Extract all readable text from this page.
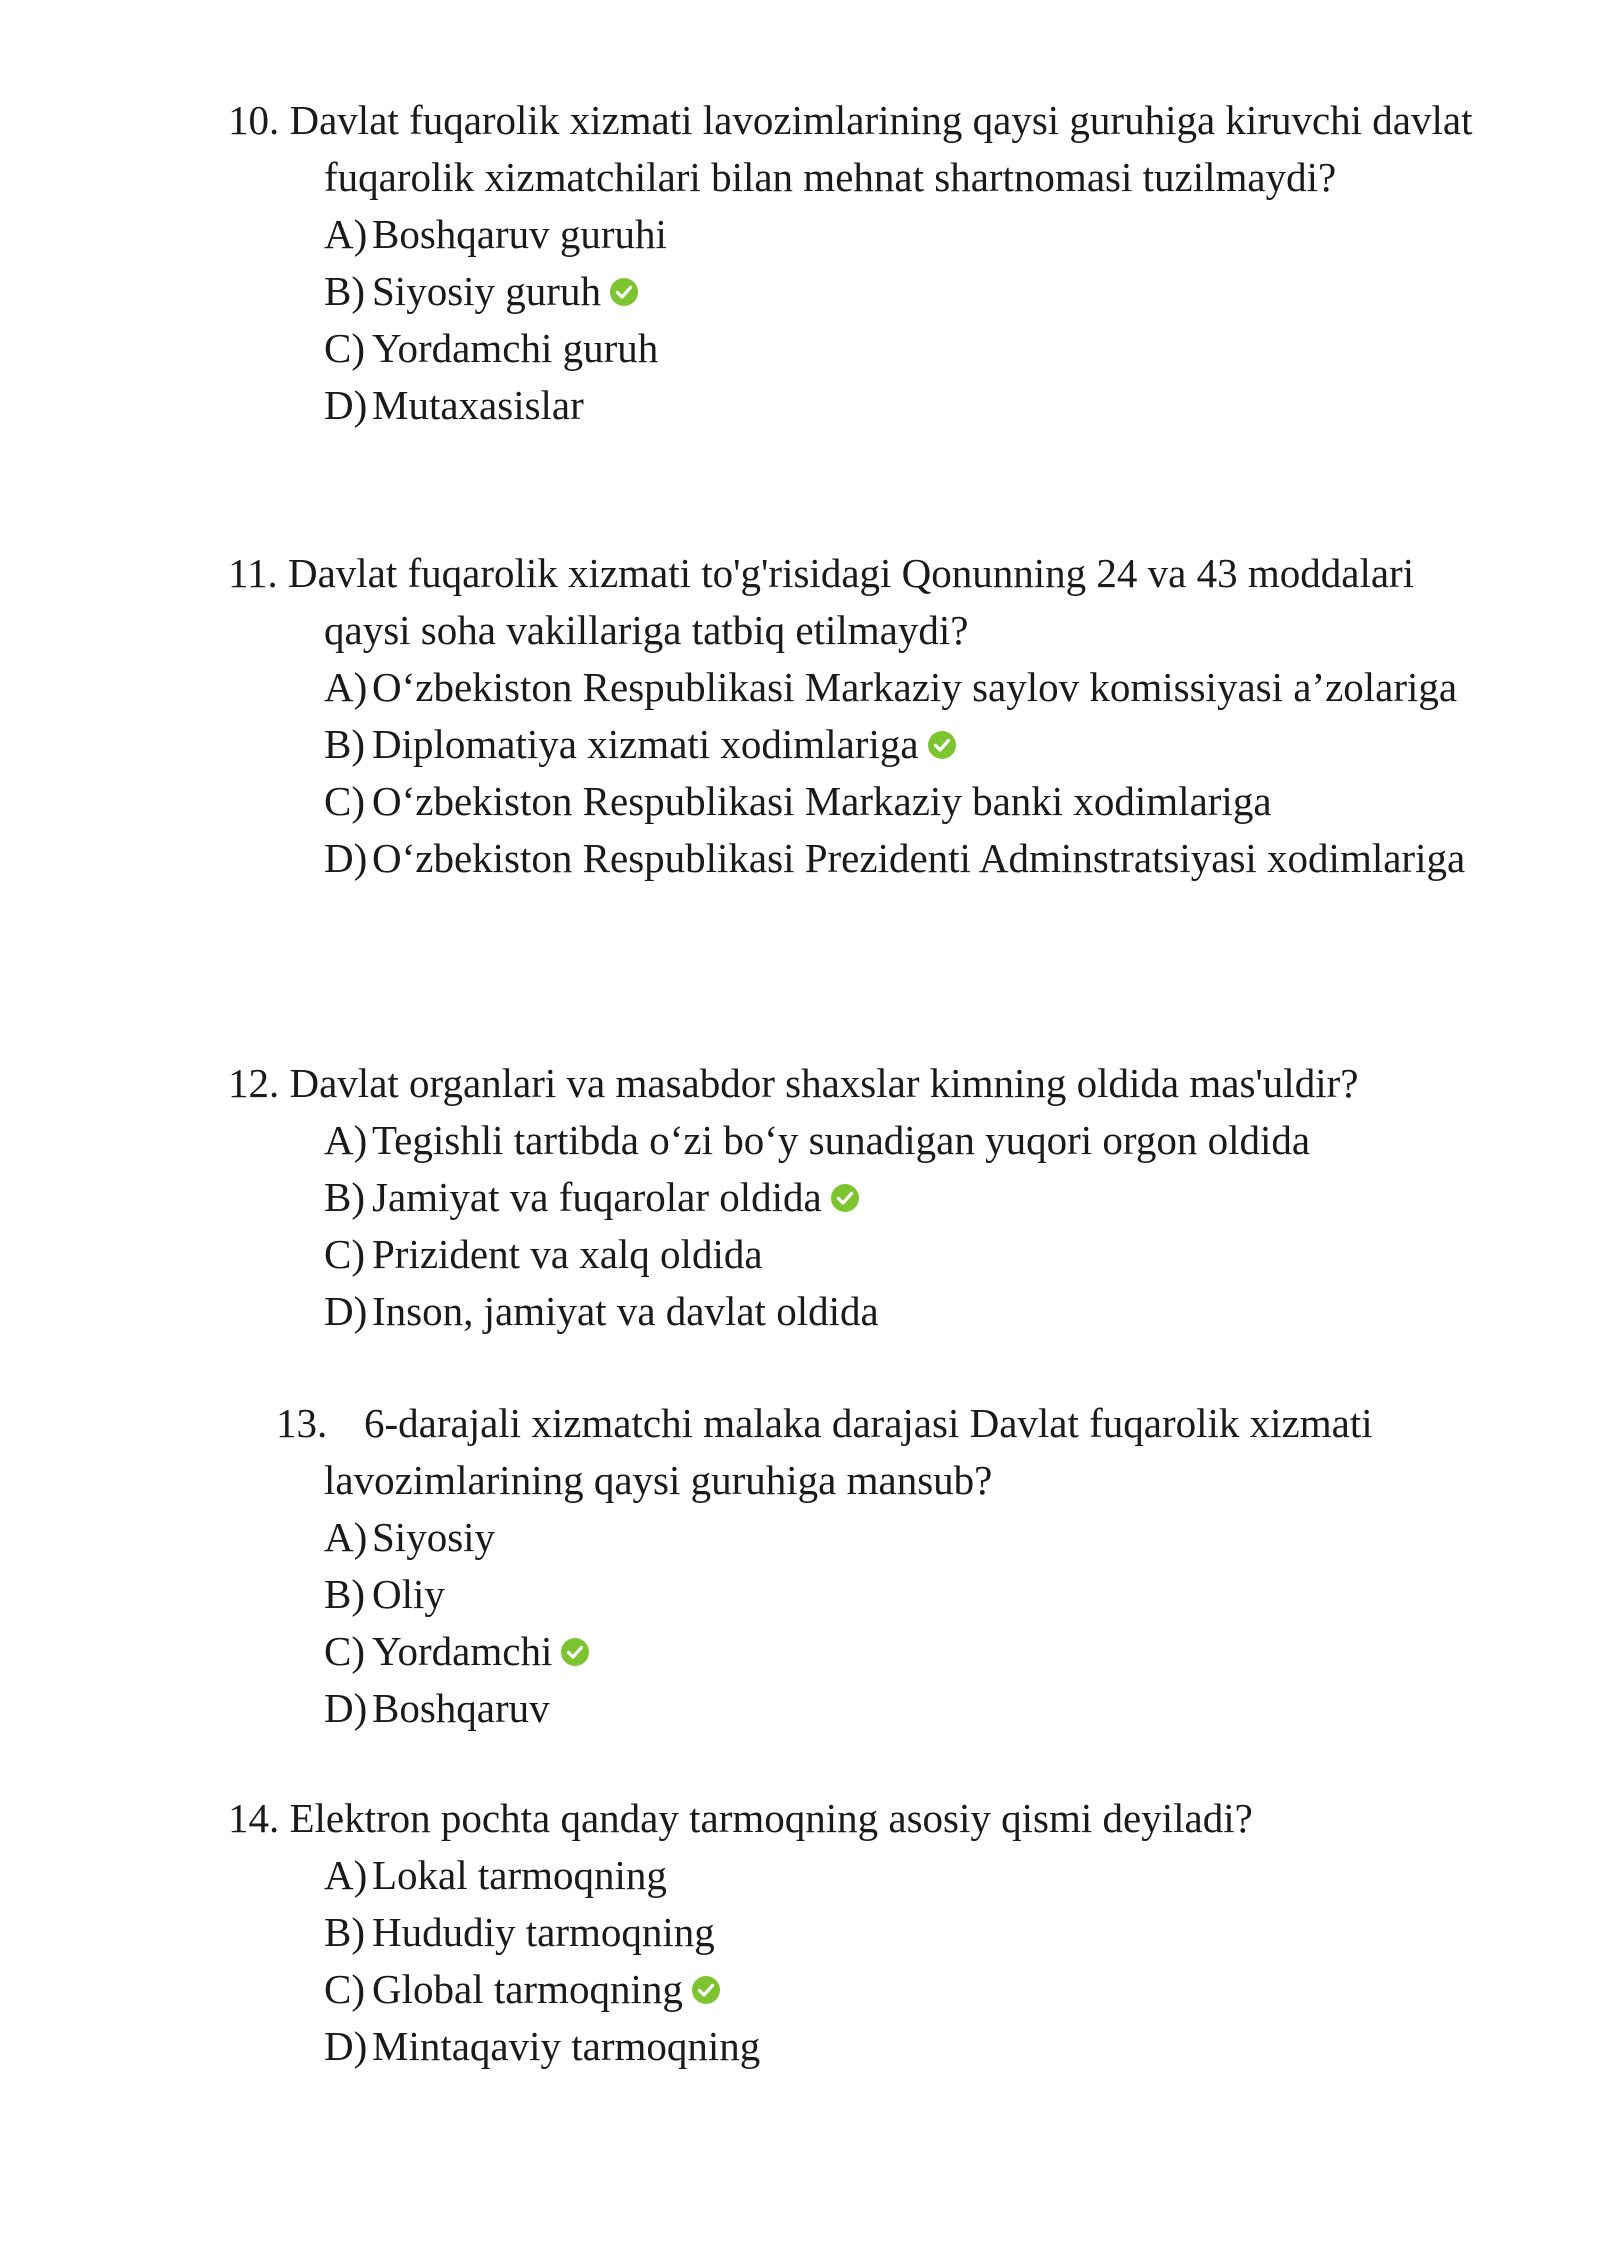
10. Davlat fuqarolik xizmati lavozimlarining qaysi guruhiga kiruvchi davlat fuqarolik xizmatchilari bilan mehnat shartnomasi tuzilmaydi?

A) Boshqaruv guruhi
B) Siyosiy guruh
C) Yordamchi guruh
D) Mutaxasislar

11. Davlat fuqarolik xizmati to'g'risidagi Qonunning 24 va 43 moddalari qaysi soha vakillariga tatbiq etilmaydi?

A) O‘zbekiston Respublikasi Markaziy saylov komissiyasi a’zolariga
B) Diplomatiya xizmati xodimlariga
C) O‘zbekiston Respublikasi Markaziy banki xodimlariga
D) O‘zbekiston Respublikasi Prezidenti Adminstratsiyasi xodimlariga

12. Davlat organlari va masabdor shaxslar kimning oldida mas'uldir?

A) Tegishli tartibda o‘zi bo‘y sunadigan yuqori orgon oldida
B) Jamiyat va fuqarolar oldida
C) Prizident va xalq oldida
D) Inson, jamiyat va davlat oldida

13. 6-darajali xizmatchi malaka darajasi Davlat fuqarolik xizmati lavozimlarining qaysi guruhiga mansub?

A) Siyosiy
B) Oliy
C) Yordamchi
D) Boshqaruv

14. Elektron pochta qanday tarmoqning asosiy qismi deyiladi?

A) Lokal tarmoqning
B) Hududiy tarmoqning
C) Global tarmoqning
D) Mintaqaviy tarmoqning
